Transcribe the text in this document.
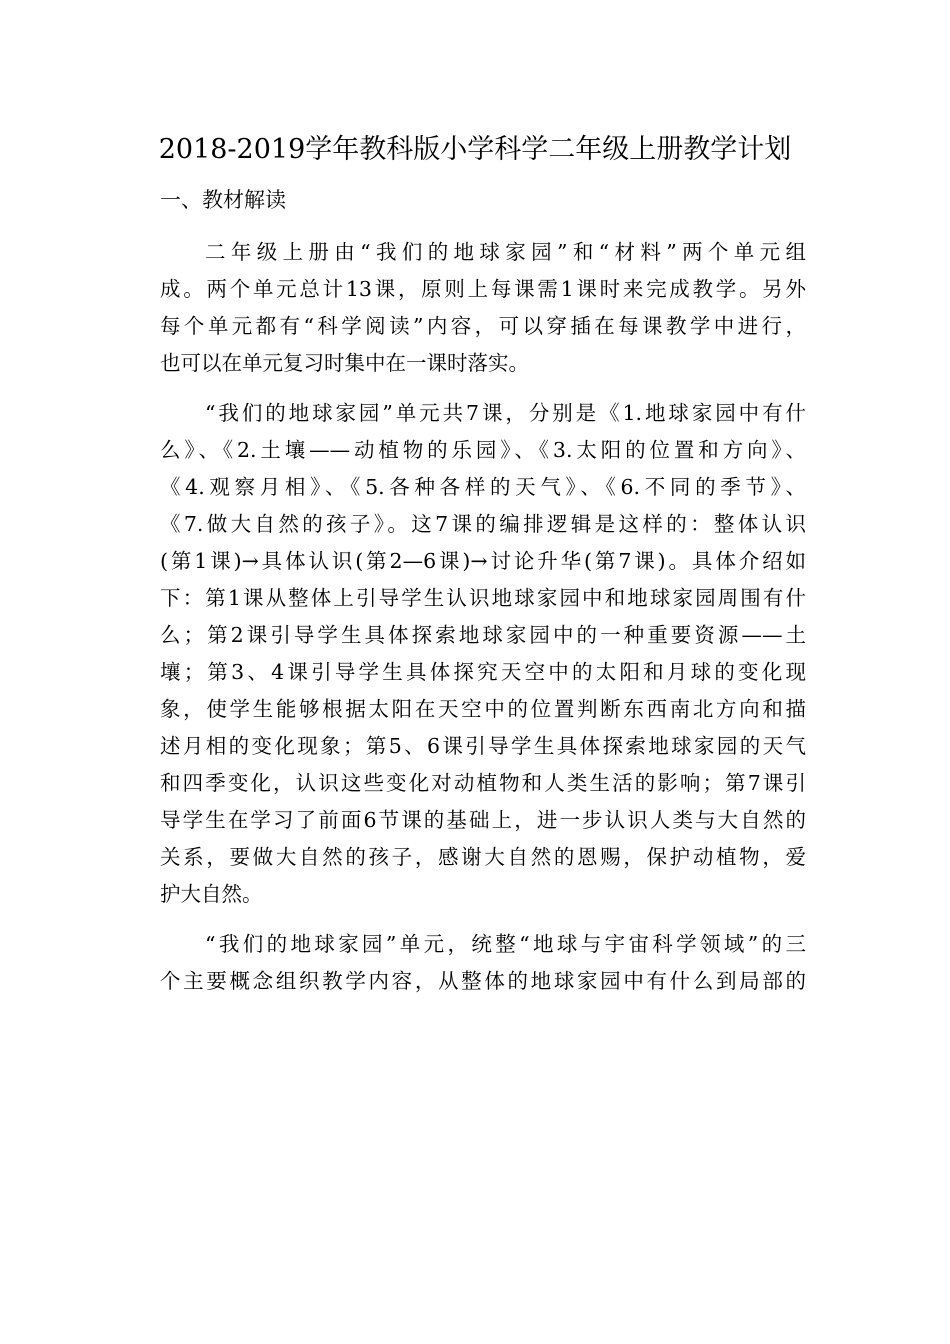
2018-2019学年教科版小学科学二年级上册教学计划
一、教材解读
二年级上册由“我们的地球家园”和“材料”两个单元组
成。两个单元总计13课，原则上每课需1课时来完成教学。另外
每个单元都有“科学阅读”内容，可以穿插在每课教学中进行，
也可以在单元复习时集中在一课时落实。
“我们的地球家园”单元共7课，分别是《1.地球家园中有什
么》、《2.土壤——动植物的乐园》、《3.太阳的位置和方向》、
《4.观察月相》、《5.各种各样的天气》、《6.不同的季节》、
《7.做大自然的孩子》。这7课的编排逻辑是这样的：整体认识
(第1课)→具体认识(第2—6课)→讨论升华(第7课)。具体介绍如
下：第1课从整体上引导学生认识地球家园中和地球家园周围有什
么；第2课引导学生具体探索地球家园中的一种重要资源——土
壤；第3、4课引导学生具体探究天空中的太阳和月球的变化现
象，使学生能够根据太阳在天空中的位置判断东西南北方向和描
述月相的变化现象；第5、6课引导学生具体探索地球家园的天气
和四季变化，认识这些变化对动植物和人类生活的影响；第7课引
导学生在学习了前面6节课的基础上，进一步认识人类与大自然的
关系，要做大自然的孩子，感谢大自然的恩赐，保护动植物，爱
护大自然。
“我们的地球家园”单元，统整“地球与宇宙科学领域”的三
个主要概念组织教学内容，从整体的地球家园中有什么到局部的
